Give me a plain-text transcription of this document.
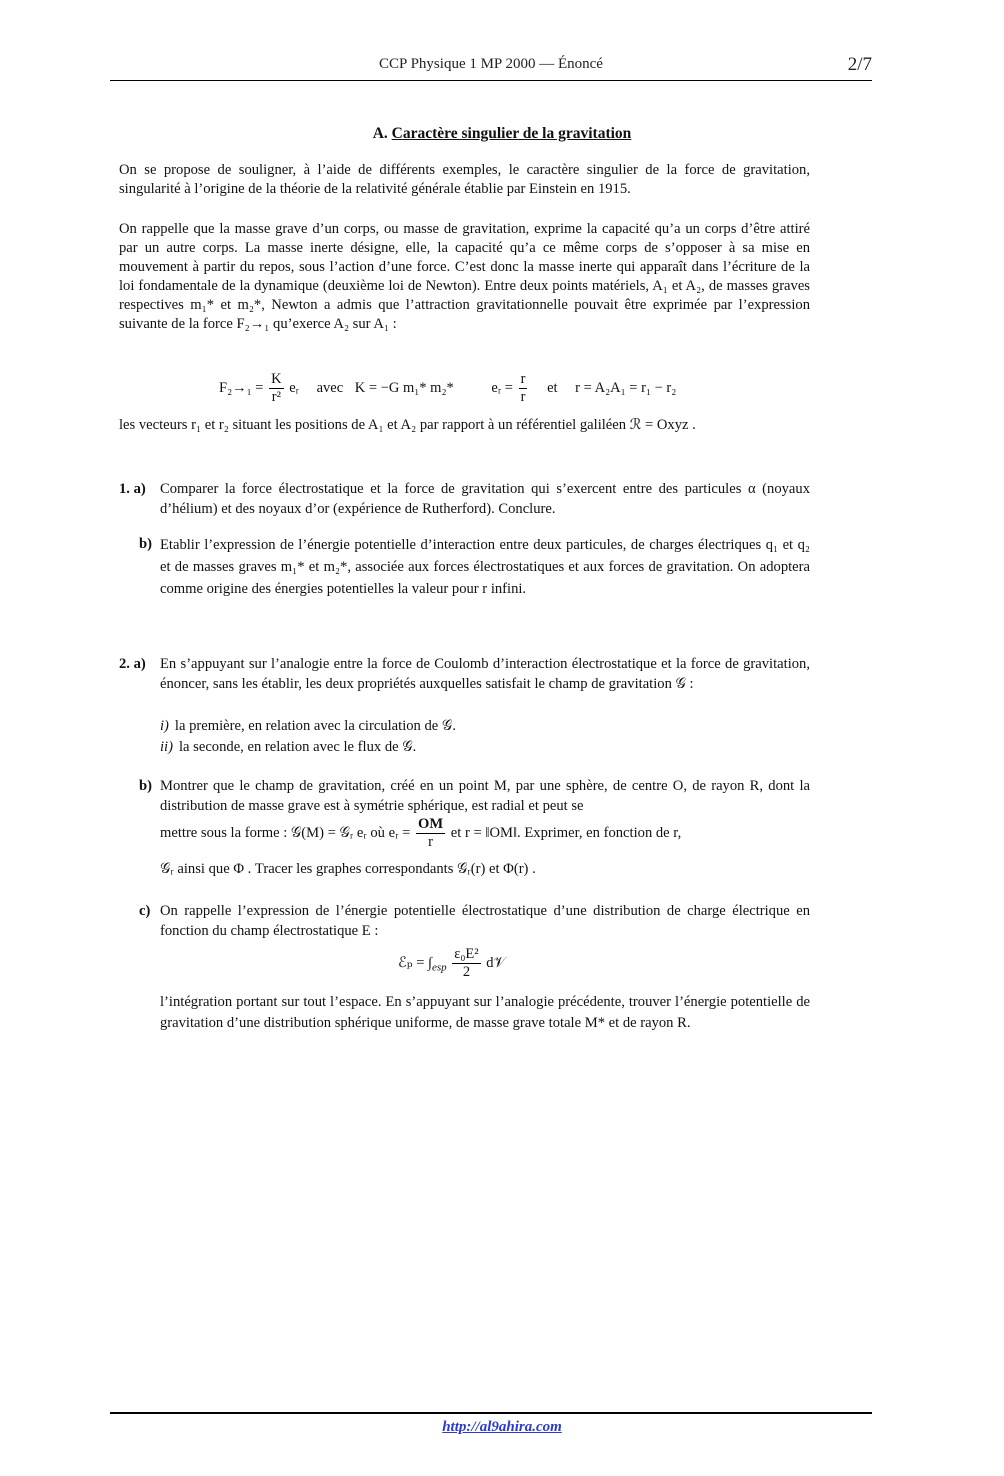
CCP Physique 1 MP 2000 — Énoncé	2/7
A. Caractère singulier de la gravitation

On se propose de souligner, à l’aide de différents exemples, le caractère singulier de la force de gravitation, singularité à l’origine de la théorie de la relativité générale établie par Einstein en 1915.

On rappelle que la masse grave d’un corps, ou masse de gravitation, exprime la capacité qu’a un corps d’être attiré par un autre corps. La masse inerte désigne, elle, la capacité qu’a ce même corps de s’opposer à sa mise en mouvement à partir du repos, sous l’action d’une force. C’est donc la masse inerte qui apparaît dans l’écriture de la loi fondamentale de la dynamique (deuxième loi de Newton). Entre deux points matériels, A₁ et A₂, de masses graves respectives m₁* et m₂*, Newton a admis que l’attraction gravitationnelle pouvait être exprimée par l’expression suivante de la force F₂→₁ qu’exerce A₂ sur A₁ :

$F_2\to_1 = \frac{K}{\text{r²}}$ eᵣ avec K = −G m₁* m₂*	eᵣ = $\frac{r}{r}$ et r = A₂A₁ = r₁ − r₂

les vecteurs r₁ et r₂ situant les positions de A₁ et A₂ par rapport à un référentiel galiléen ℛ = Oxyz .

1. a) Comparer la force électrostatique et la force de gravitation qui s’exercent entre des particules α (noyaux d’hélium) et des noyaux d’or (expérience de Rutherford). Conclure.

b) Etablir l’expression de l’énergie potentielle d’interaction entre deux particules, de charges électriques q₁ et q₂ et de masses graves m₁* et m₂*, associée aux forces électrostatiques et aux forces de gravitation. On adoptera comme origine des énergies potentielles la valeur pour r infini.

2. a) En s’appuyant sur l’analogie entre la force de Coulomb d’interaction électrostatique et la force de gravitation, énoncer, sans les établir, les deux propriétés auxquelles satisfait le champ de gravitation 𝒢 :

i) la première, en relation avec la circulation de 𝒢.
ii) la seconde, en relation avec le flux de 𝒢.
b) Montrer que le champ de gravitation, créé en un point M, par une sphère, de centre O, de rayon R, dont la distribution de masse grave est à symétrie sphérique, est radial et peut se

mettre sous la forme : 𝒢(M) = 𝒢ᵣ eᵣ où eᵣ = $\frac{OM}{r}$ et r = ‖OM‖. Exprimer, en fonction de r,
𝒢ᵣ ainsi que Φ . Tracer les graphes correspondants 𝒢ᵣ(r) et Φ(r) .
c) On rappelle l’expression de l’énergie potentielle électrostatique d’une distribution de charge électrique en fonction du champ électrostatique E :

ℰₚ = $\int_{esp} \frac{\text{ε₀E²}}{2}$ d𝒱

l’intégration portant sur tout l’espace. En s’appuyant sur l’analogie précédente, trouver l’énergie potentielle de gravitation d’une distribution sphérique uniforme, de masse grave totale M* et de rayon R.

http://al9ahira.com
